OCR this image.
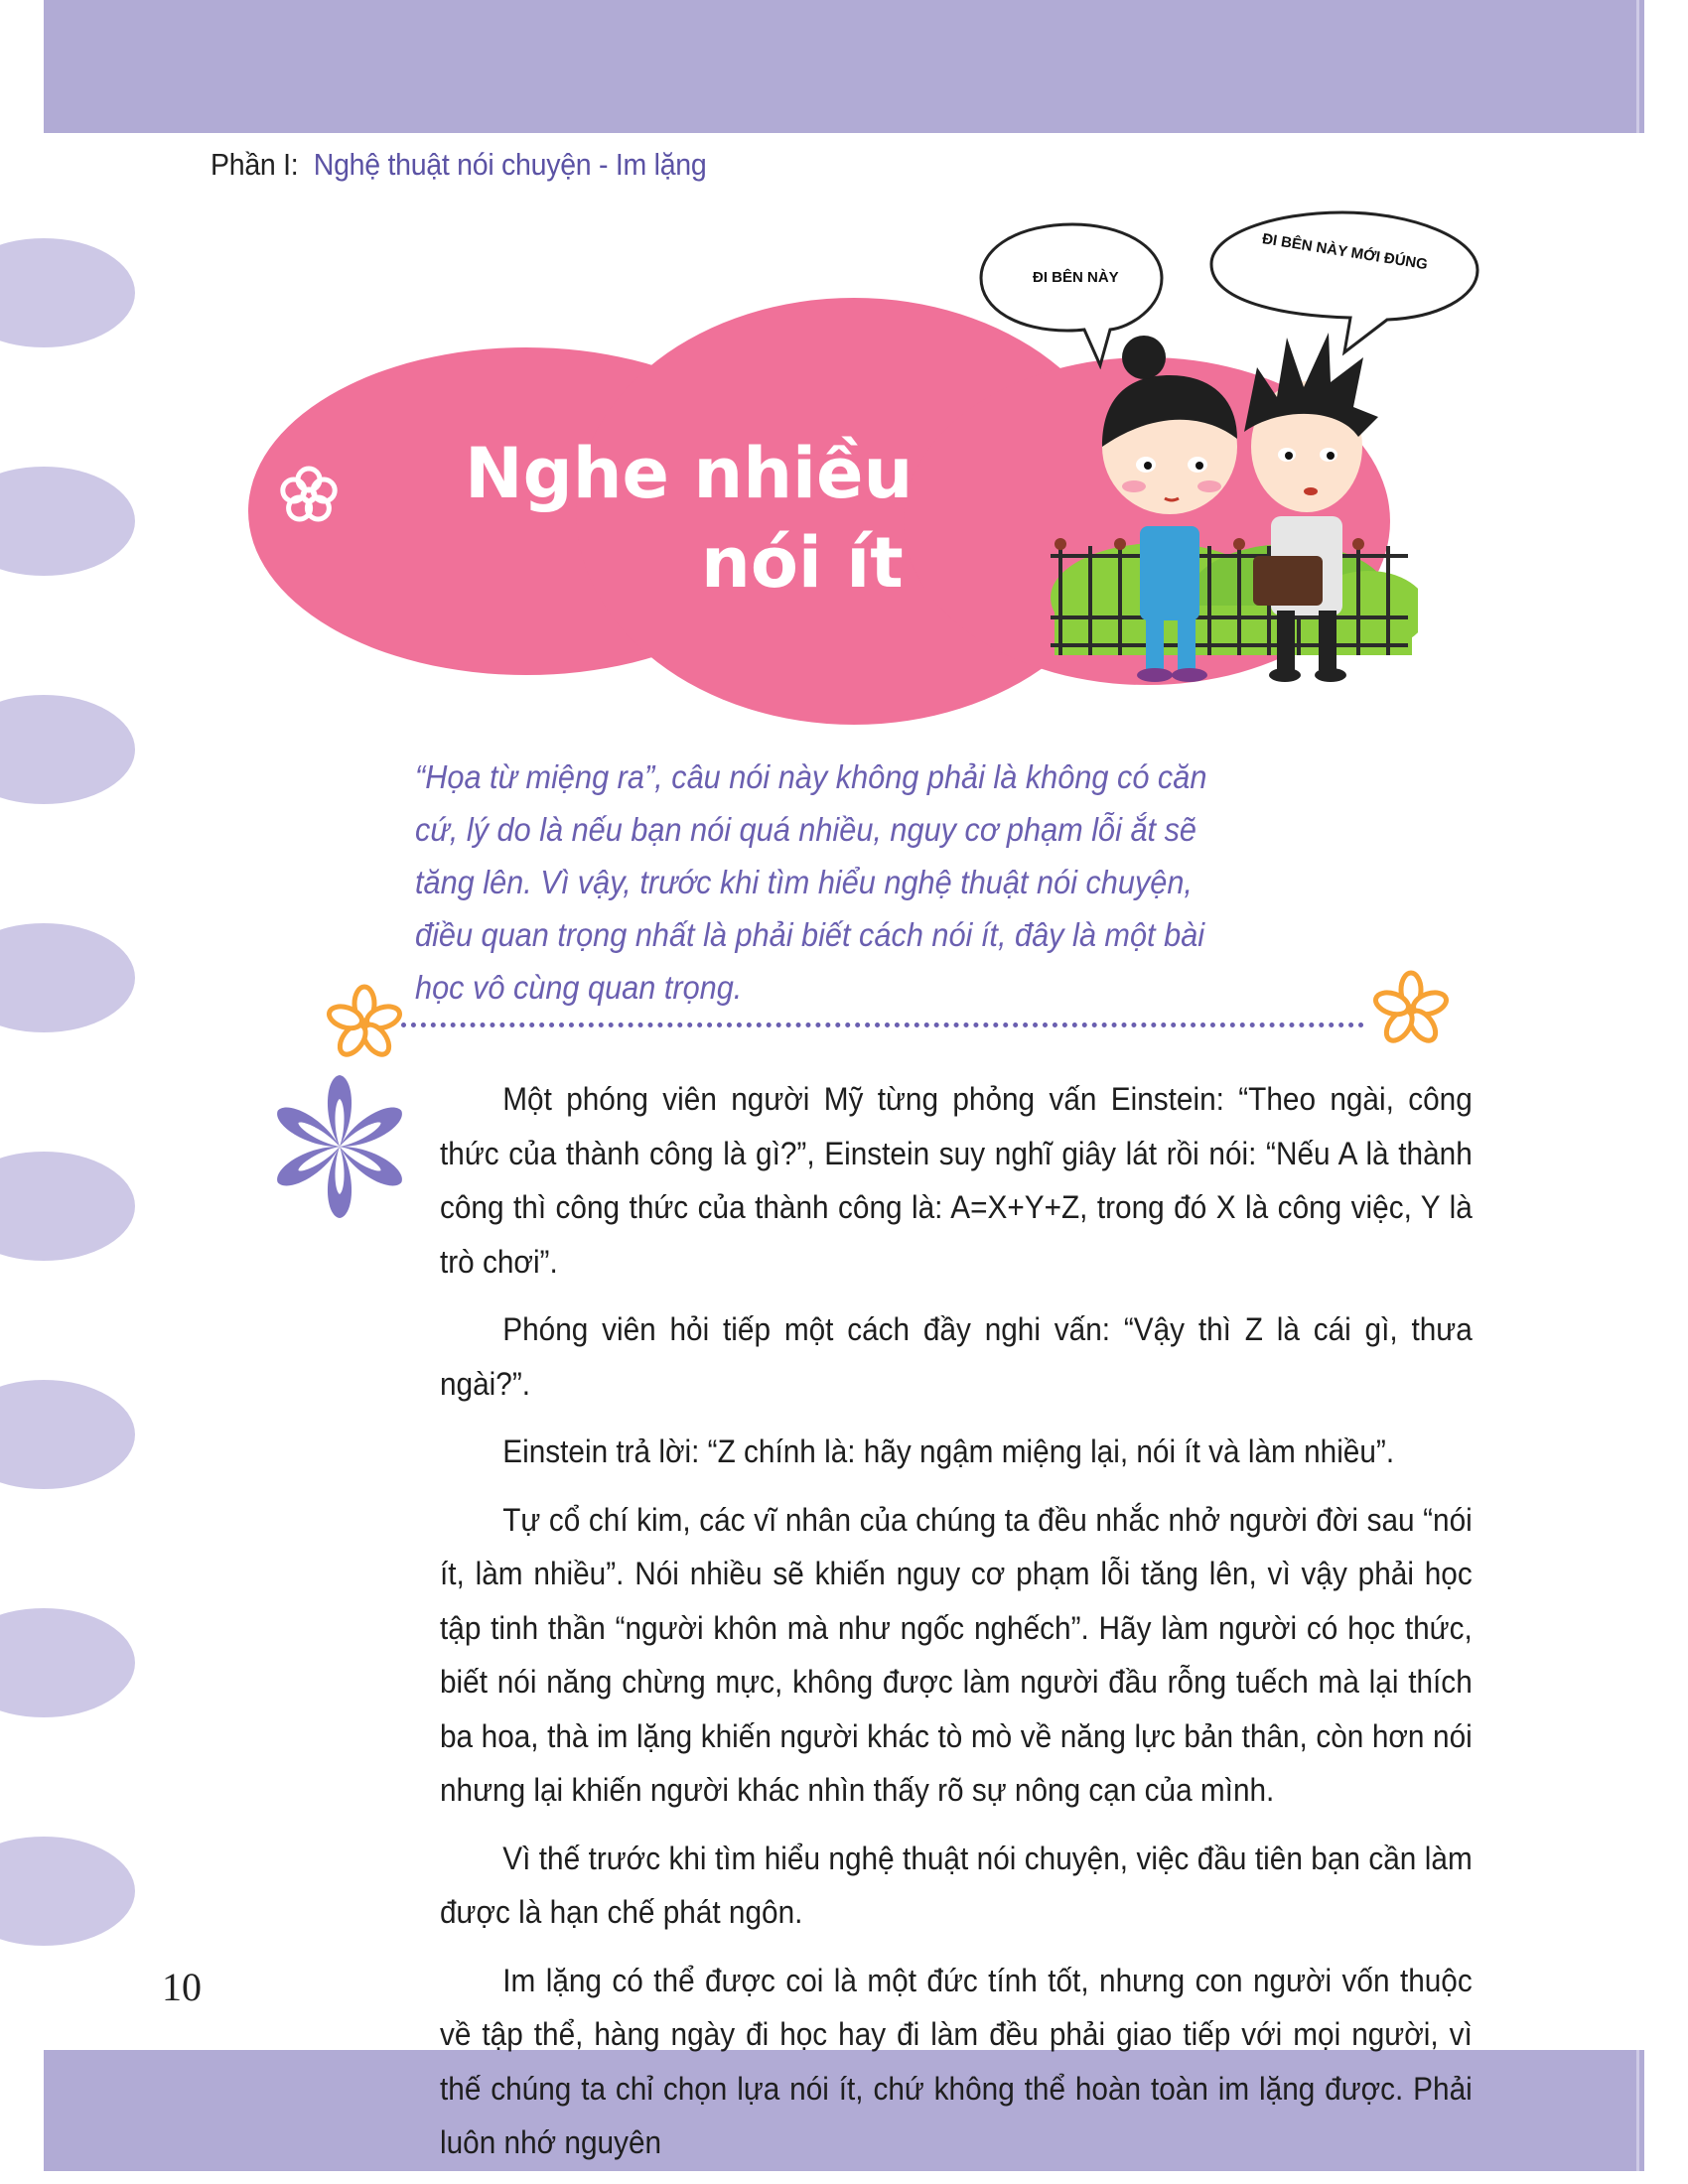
Phần I: Nghệ thuật nói chuyện - Im lặng
Nghe nhiều
nói ít
ĐI BÊN NÀY
ĐI BÊN NÀY MỚI ĐÚNG
“Họa từ miệng ra”, câu nói này không phải là không có căn cứ, lý do là nếu bạn nói quá nhiều, nguy cơ phạm lỗi ắt sẽ tăng lên. Vì vậy, trước khi tìm hiểu nghệ thuật nói chuyện, điều quan trọng nhất là phải biết cách nói ít, đây là một bài học vô cùng quan trọng.

Một phóng viên người Mỹ từng phỏng vấn Einstein: “Theo ngài, công thức của thành công là gì?”, Einstein suy nghĩ giây lát rồi nói: “Nếu A là thành công thì công thức của thành công là: A=X+Y+Z, trong đó X là công việc, Y là trò chơi”.

Phóng viên hỏi tiếp một cách đầy nghi vấn: “Vậy thì Z là cái gì, thưa ngài?”.

Einstein trả lời: “Z chính là: hãy ngậm miệng lại, nói ít và làm nhiều”.

Tự cổ chí kim, các vĩ nhân của chúng ta đều nhắc nhở người đời sau “nói ít, làm nhiều”. Nói nhiều sẽ khiến nguy cơ phạm lỗi tăng lên, vì vậy phải học tập tinh thần “người khôn mà như ngốc nghếch”. Hãy làm người có học thức, biết nói năng chừng mực, không được làm người đầu rỗng tuếch mà lại thích ba hoa, thà im lặng khiến người khác tò mò về năng lực bản thân, còn hơn nói nhưng lại khiến người khác nhìn thấy rõ sự nông cạn của mình.

Vì thế trước khi tìm hiểu nghệ thuật nói chuyện, việc đầu tiên bạn cần làm được là hạn chế phát ngôn.

Im lặng có thể được coi là một đức tính tốt, nhưng con người vốn thuộc về tập thể, hàng ngày đi học hay đi làm đều phải giao tiếp với mọi người, vì thế chúng ta chỉ chọn lựa nói ít, chứ không thể hoàn toàn im lặng được. Phải luôn nhớ nguyên

10
